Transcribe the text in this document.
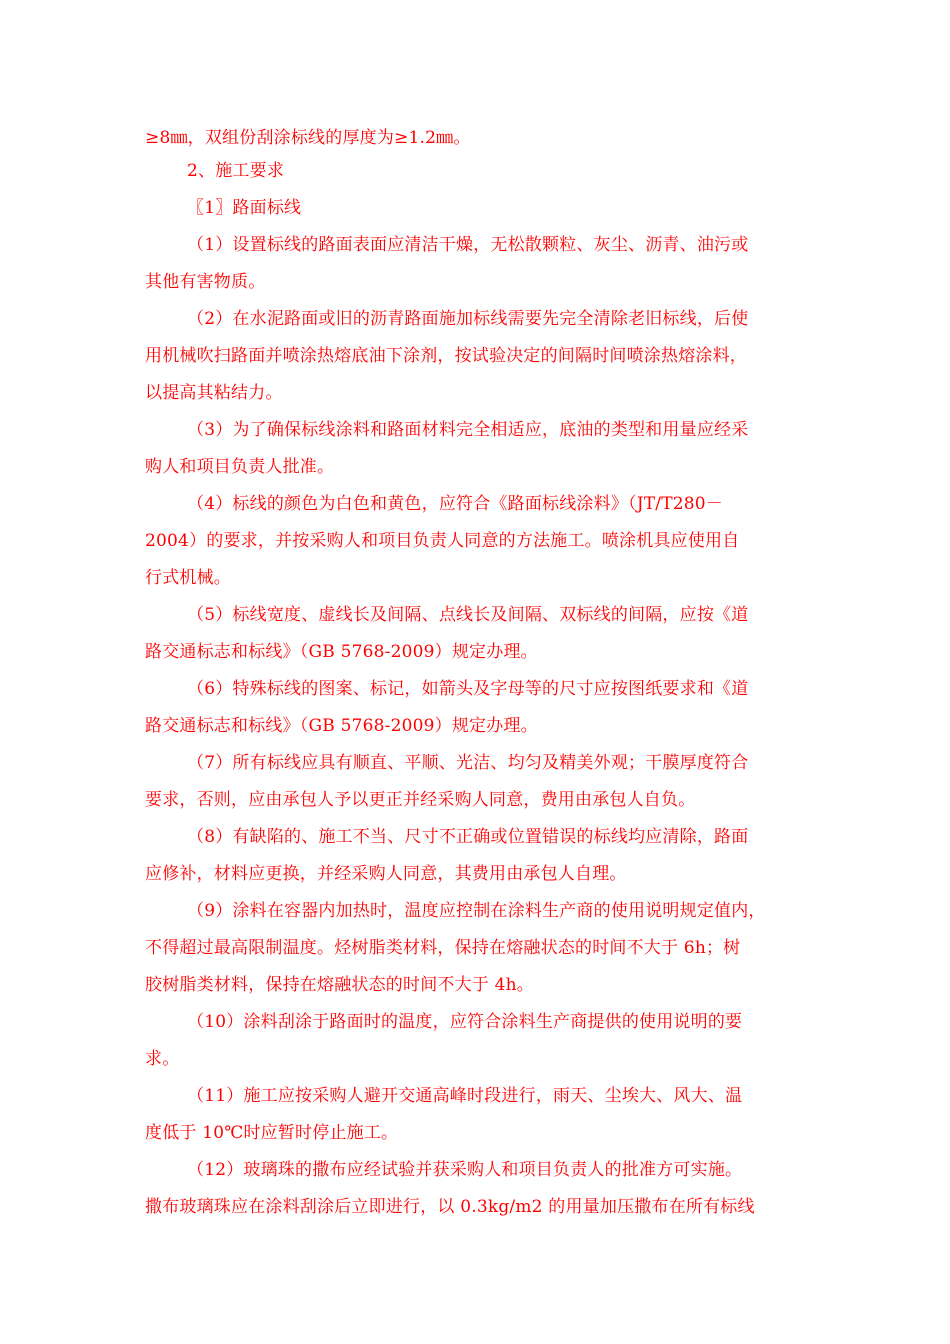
≥8㎜，双组份刮涂标线的厚度为≥1.2㎜。
2、施工要求
〖1〗路面标线
（1）设置标线的路面表面应清洁干燥，无松散颗粒、灰尘、沥青、油污或
其他有害物质。
（2）在水泥路面或旧的沥青路面施加标线需要先完全清除老旧标线，后使
用机械吹扫路面并喷涂热熔底油下涂剂，按试验决定的间隔时间喷涂热熔涂料，
以提高其粘结力。
（3）为了确保标线涂料和路面材料完全相适应，底油的类型和用量应经采
购人和项目负责人批准。
（4）标线的颜色为白色和黄色，应符合《路面标线涂料》（JT/T280－
2004）的要求，并按采购人和项目负责人同意的方法施工。喷涂机具应使用自
行式机械。
（5）标线宽度、虚线长及间隔、点线长及间隔、双标线的间隔，应按《道
路交通标志和标线》（GB 5768-2009）规定办理。
（6）特殊标线的图案、标记，如箭头及字母等的尺寸应按图纸要求和《道
路交通标志和标线》（GB 5768-2009）规定办理。
（7）所有标线应具有顺直、平顺、光洁、均匀及精美外观；干膜厚度符合
要求，否则，应由承包人予以更正并经采购人同意，费用由承包人自负。
（8）有缺陷的、施工不当、尺寸不正确或位置错误的标线均应清除，路面
应修补，材料应更换，并经采购人同意，其费用由承包人自理。
（9）涂料在容器内加热时，温度应控制在涂料生产商的使用说明规定值内，
不得超过最高限制温度。烃树脂类材料，保持在熔融状态的时间不大于 6h；树
胶树脂类材料，保持在熔融状态的时间不大于 4h。
（10）涂料刮涂于路面时的温度，应符合涂料生产商提供的使用说明的要
求。
（11）施工应按采购人避开交通高峰时段进行，雨天、尘埃大、风大、温
度低于 10℃时应暂时停止施工。
（12）玻璃珠的撒布应经试验并获采购人和项目负责人的批准方可实施。
撒布玻璃珠应在涂料刮涂后立即进行，以 0.3kg/m2 的用量加压撒布在所有标线
